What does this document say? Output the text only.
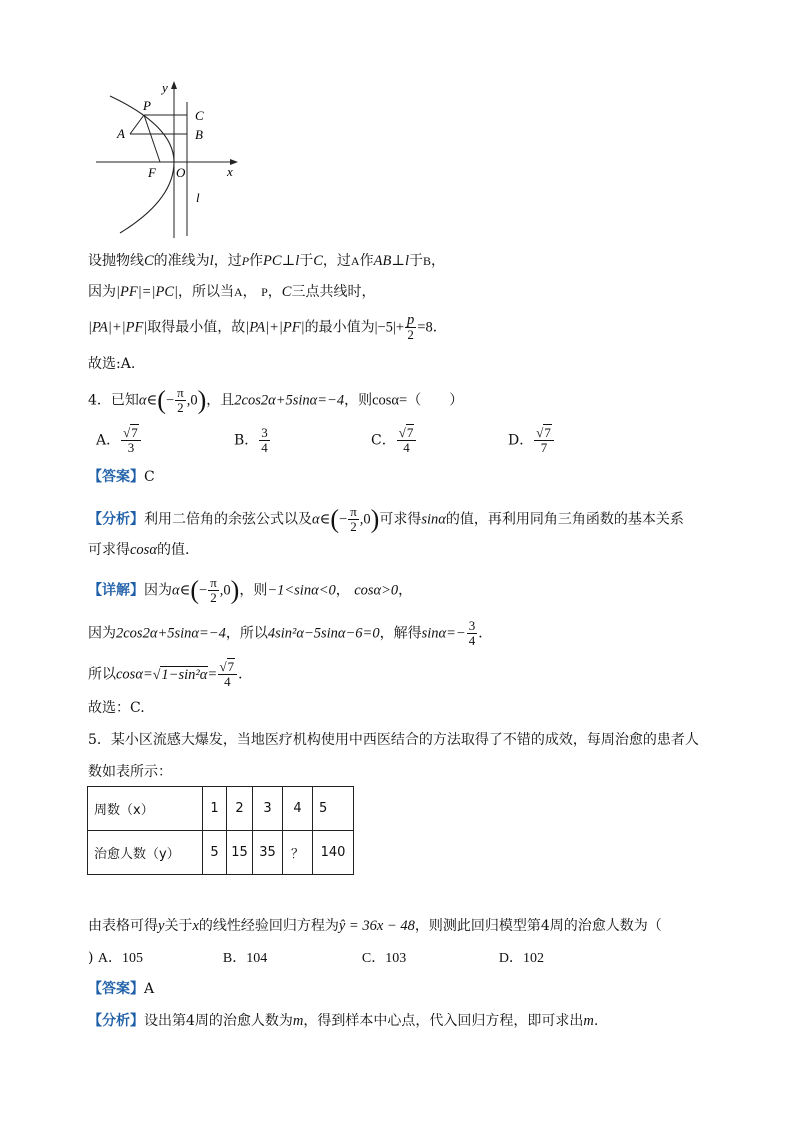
y
x
P
C
A	B
F O
l
设抛物线C的准线为l，过P作PC⊥l于C，过A作AB⊥l于B，
因为|PF|=|PC|，所以当A， P，C三点共线时，
|PA|+|PF|取得最小值，故|PA|+|PF|的最小值为$|-5|+ \frac{p}{2} =8$．
故选:A.
4．已知α∈(− $\frac{\pi}{2} ,0$)，且2cos2α+5sinα=−4，则cosα=（　　）
A． $\frac{√7}{3}$	B． $\frac{3}{4}$	C． $\frac{√7}{4}$	D． $\frac{√7}{7}$
【答案】C
【分析】利用二倍角的余弦公式以及α∈(− $\frac{\pi}{2} ,0$)可求得sinα的值，再利用同角三角函数的基本关系
可求得cosα的值.
【详解】因为α∈(− $\frac{\pi}{2} ,0$)，则−1<sinα<0， cosα>0，
因为2cos2α+5sinα=−4，所以4sin²α−5sinα−6=0，解得$\sin\alpha=- \frac{3}{4}$ ．
所以$\cos\alpha=√1-\sin^2\alpha= \frac{√7}{4}$ ．
故选：C.
5．某小区流感大爆发，当地医疗机构使用中西医结合的方法取得了不错的成效，每周治愈的患者人
数如表所示：
周数（x）	1	2	3	4	5
治愈人数（y）	5	15	35	？	140
由表格可得y关于x的线性经验回归方程为ŷ = 36x − 48，则测此回归模型第4周的治愈人数为（
) A．105	B．104	C．103	D．102
【答案】A
【分析】设出第4周的治愈人数为m，得到样本中心点，代入回归方程，即可求出m.
